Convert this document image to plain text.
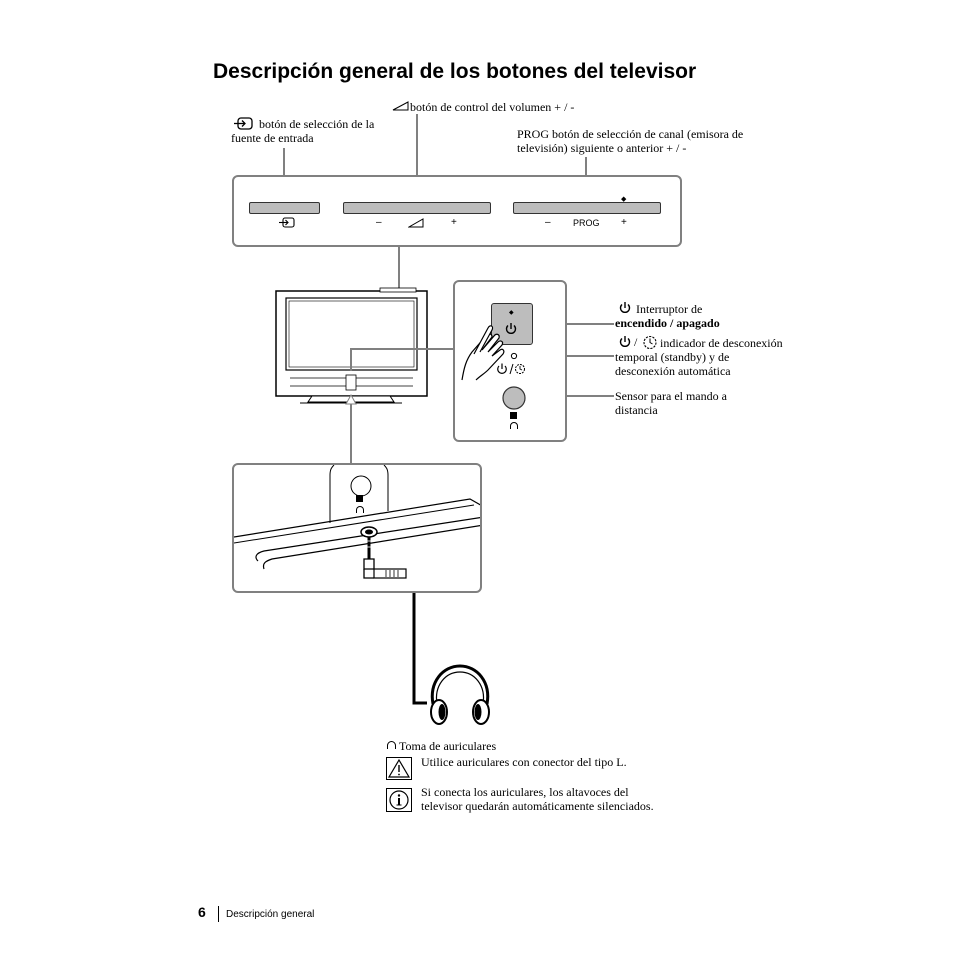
Descripción general de los botones del televisor
botón de selección de la fuente de entrada
botón de control del volumen + / -
PROG botón de selección de canal (emisora de televisión) siguiente o anterior + / -
–	+
◆
– PROG +
◆	Interruptor de
encendido / apagado
/	indicador de desconexión temporal (standby) y de desconexión automática
Sensor para el mando a distancia
Toma de auriculares
Utilice auriculares con conector del tipo L.
Si conecta los auriculares, los altavoces del televisor quedarán automáticamente silenciados.
6 Descripción general
